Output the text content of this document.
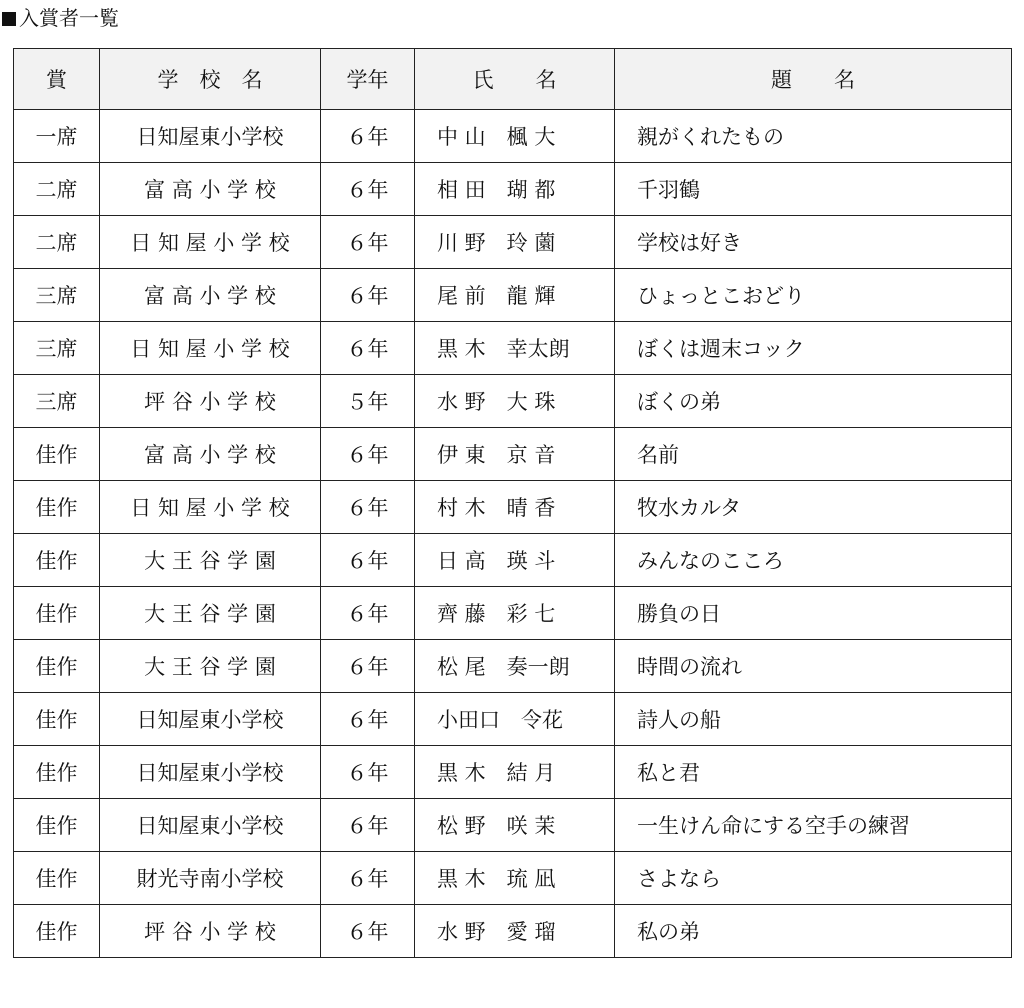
入賞者一覧
賞	学　校　名	学年	氏　　名	題　　名
一席	日知屋東小学校	６年	中 山　楓 大	親がくれたもの
二席	富 高 小 学 校	６年	相 田　瑚 都	千羽鶴
二席	日 知 屋 小 学 校	６年	川 野　玲 薗	学校は好き
三席	富 高 小 学 校	６年	尾 前　龍 輝	ひょっとこおどり
三席	日 知 屋 小 学 校	６年	黒 木　幸太朗	ぼくは週末コック
三席	坪 谷 小 学 校	５年	水 野　大 珠	ぼくの弟
佳作	富 高 小 学 校	６年	伊 東　京 音	名前
佳作	日 知 屋 小 学 校	６年	村 木　晴 香	牧水カルタ
佳作	大 王 谷 学 園	６年	日 高　瑛 斗	みんなのこころ
佳作	大 王 谷 学 園	６年	齊 藤　彩 七	勝負の日
佳作	大 王 谷 学 園	６年	松 尾　奏一朗	時間の流れ
佳作	日知屋東小学校	６年	小田口　令花	詩人の船
佳作	日知屋東小学校	６年	黒 木　結 月	私と君
佳作	日知屋東小学校	６年	松 野　咲 茉	一生けん命にする空手の練習
佳作	財光寺南小学校	６年	黒 木　琉 凪	さよなら
佳作	坪 谷 小 学 校	６年	水 野　愛 瑠	私の弟
